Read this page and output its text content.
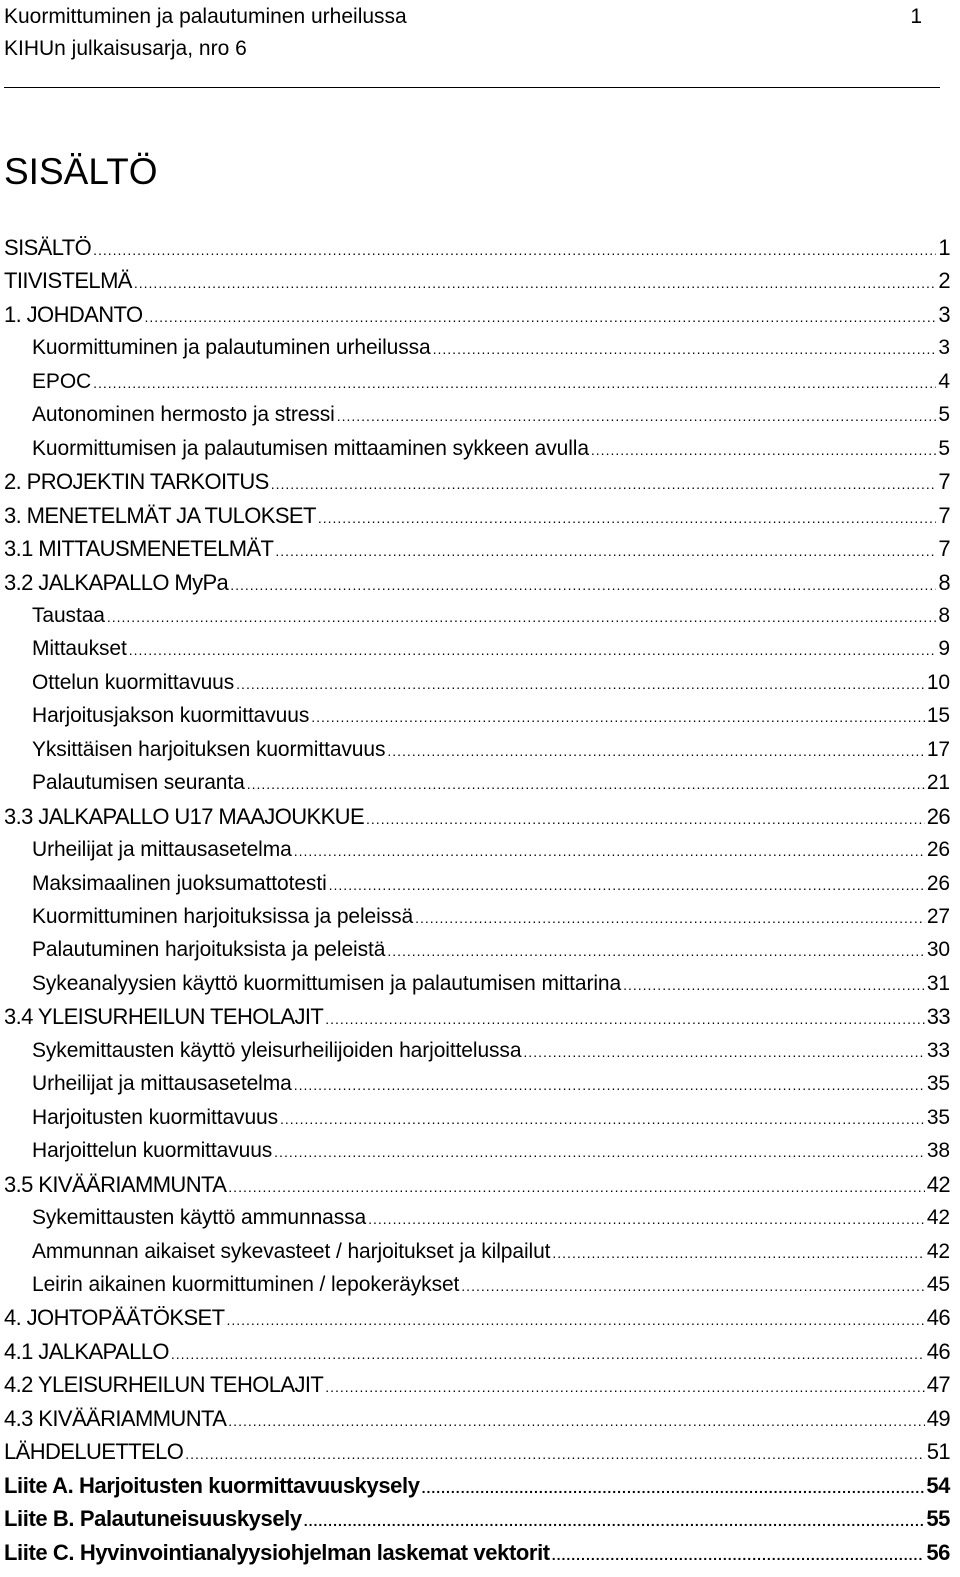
Kuormittuminen ja palautuminen urheilussa
KIHUn julkaisusarja, nro 6
1
SISÄLTÖ
SISÄLTÖ .....	1
TIIVISTELMÄ .....	2
1. JOHDANTO .....	3
Kuormittuminen ja palautuminen urheilussa .....	3
EPOC .....	4
Autonominen hermosto ja stressi .....	5
Kuormittumisen ja palautumisen mittaaminen sykkeen avulla .....	5
2. PROJEKTIN TARKOITUS .....	7
3. MENETELMÄT JA TULOKSET .....	7
3.1 MITTAUSMENETELMÄT .....	7
3.2 JALKAPALLO MyPa .....	8
Taustaa .....	8
Mittaukset .....	9
Ottelun kuormittavuus .....	10
Harjoitusjakson kuormittavuus .....	15
Yksittäisen harjoituksen kuormittavuus .....	17
Palautumisen seuranta .....	21
3.3 JALKAPALLO U17 MAAJOUKKUE .....	26
Urheilijat ja mittausasetelma .....	26
Maksimaalinen juoksumattotesti .....	26
Kuormittuminen harjoituksissa ja peleissä .....	27
Palautuminen harjoituksista ja peleistä .....	30
Sykeanalyysien käyttö kuormittumisen ja palautumisen mittarina .....	31
3.4 YLEISURHEILUN TEHOLAJIT .....	33
Sykemittausten käyttö yleisurheilijoiden harjoittelussa .....	33
Urheilijat ja mittausasetelma .....	35
Harjoitusten kuormittavuus .....	35
Harjoittelun kuormittavuus .....	38
3.5 KIVÄÄRIAMMUNTA .....	42
Sykemittausten käyttö ammunnassa .....	42
Ammunnan aikaiset sykevasteet / harjoitukset ja kilpailut .....	42
Leirin aikainen kuormittuminen / lepokeräykset .....	45
4. JOHTOPÄÄTÖKSET .....	46
4.1 JALKAPALLO .....	46
4.2 YLEISURHEILUN TEHOLAJIT .....	47
4.3 KIVÄÄRIAMMUNTA .....	49
LÄHDELUETTELO .....	51
Liite A. Harjoitusten kuormittavuuskysely .....	54
Liite B. Palautuneisuuskysely .....	55
Liite C. Hyvinvointianalyysiohjelman laskemat vektorit .....	56
